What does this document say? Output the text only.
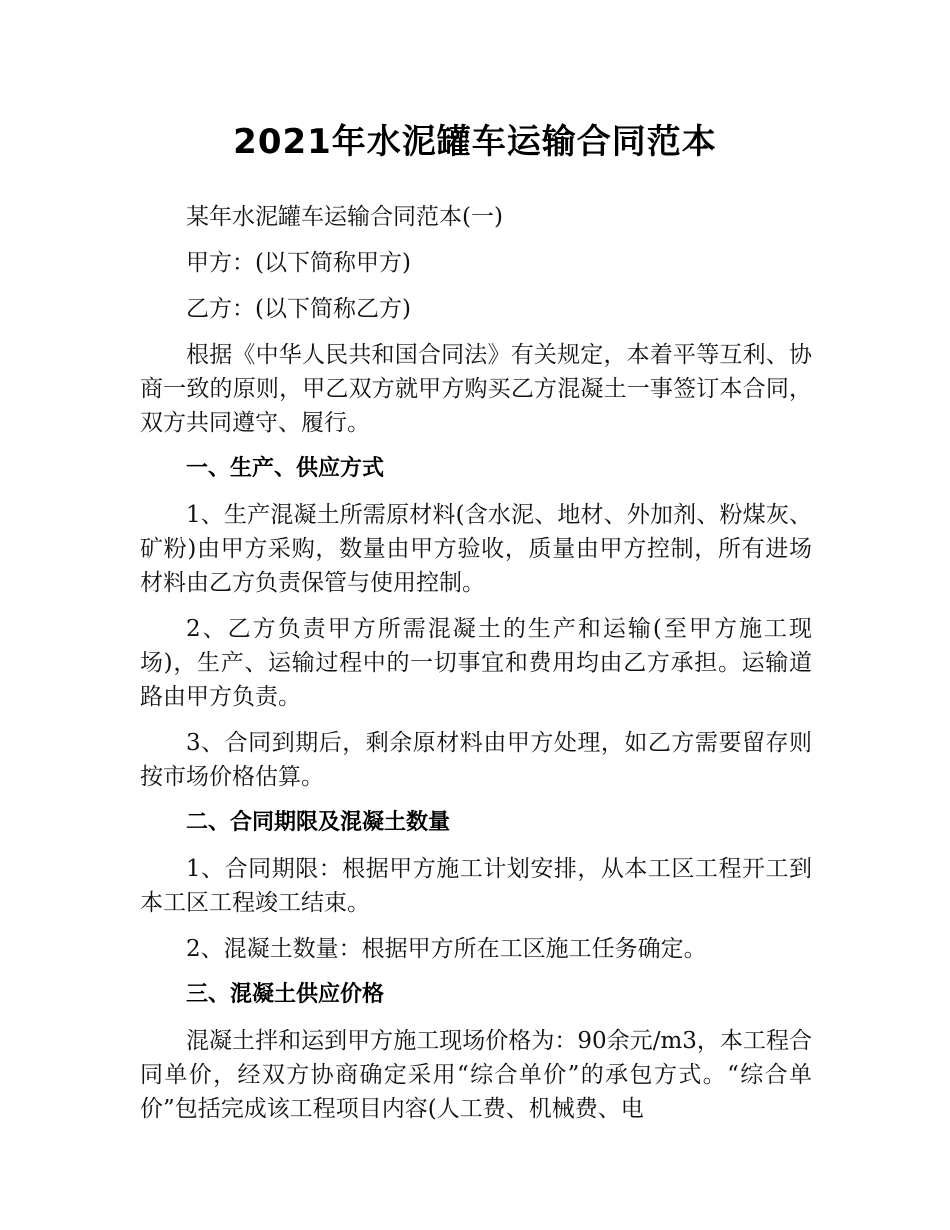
2021年水泥罐车运输合同范本

某年水泥罐车运输合同范本(一)

甲方：(以下简称甲方)

乙方：(以下简称乙方)

根据《中华人民共和国合同法》有关规定，本着平等互利、协商一致的原则，甲乙双方就甲方购买乙方混凝土一事签订本合同，双方共同遵守、履行。

一、生产、供应方式

1、生产混凝土所需原材料(含水泥、地材、外加剂、粉煤灰、矿粉)由甲方采购，数量由甲方验收，质量由甲方控制，所有进场材料由乙方负责保管与使用控制。

2、乙方负责甲方所需混凝土的生产和运输(至甲方施工现场)，生产、运输过程中的一切事宜和费用均由乙方承担。运输道路由甲方负责。

3、合同到期后，剩余原材料由甲方处理，如乙方需要留存则按市场价格估算。

二、合同期限及混凝土数量

1、合同期限：根据甲方施工计划安排，从本工区工程开工到本工区工程竣工结束。

2、混凝土数量：根据甲方所在工区施工任务确定。

三、混凝土供应价格

混凝土拌和运到甲方施工现场价格为：90余元/m3，本工程合同单价，经双方协商确定采用“综合单价”的承包方式。“综合单价”包括完成该工程项目内容(人工费、机械费、电
